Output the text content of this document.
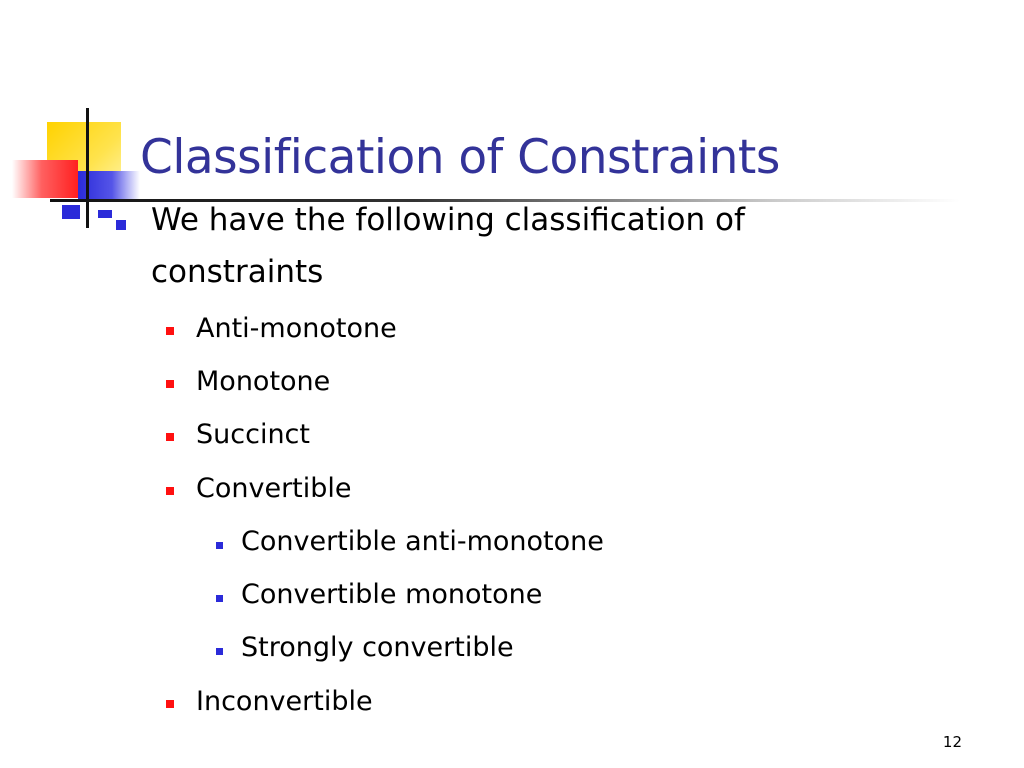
Classification of Constraints
We have the following classification of
constraints
Anti-monotone
Monotone
Succinct
Convertible
Convertible anti-monotone
Convertible monotone
Strongly convertible
Inconvertible
12
